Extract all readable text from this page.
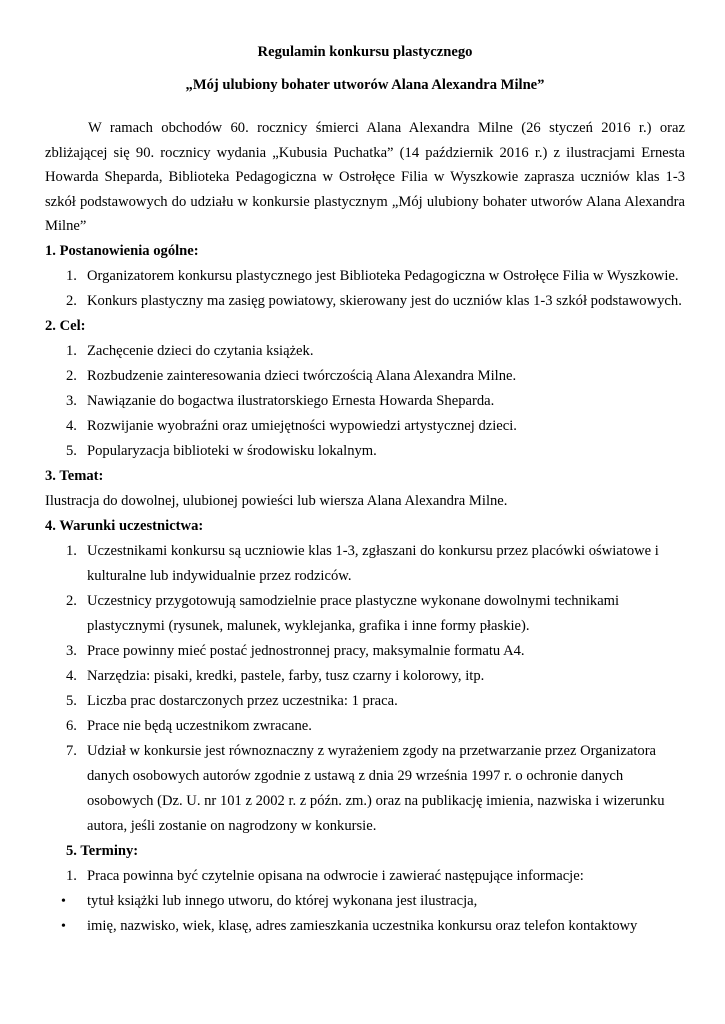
Regulamin konkursu plastycznego

„Mój ulubiony bohater utworów Alana Alexandra Milne”

W ramach obchodów 60. rocznicy śmierci Alana Alexandra Milne (26 styczeń 2016 r.) oraz zbliżającej się 90. rocznicy wydania „Kubusia Puchatka” (14 październik 2016 r.) z ilustracjami Ernesta Howarda Sheparda, Biblioteka Pedagogiczna w Ostrołęce Filia w Wyszkowie zaprasza uczniów klas 1-3 szkół podstawowych do udziału w konkursie plastycznym „Mój ulubiony bohater utworów Alana Alexandra Milne”

1. Postanowienia ogólne:

1. Organizatorem konkursu plastycznego jest Biblioteka Pedagogiczna w Ostrołęce Filia w Wyszkowie.
2. Konkurs plastyczny ma zasięg powiatowy, skierowany jest do uczniów klas 1-3 szkół podstawowych.

2. Cel:

1. Zachęcenie dzieci do czytania książek.
2. Rozbudzenie zainteresowania dzieci twórczością Alana Alexandra Milne.
3. Nawiązanie do bogactwa ilustratorskiego Ernesta Howarda Sheparda.
4. Rozwijanie wyobraźni oraz umiejętności wypowiedzi artystycznej dzieci.
5. Popularyzacja biblioteki w środowisku lokalnym.

3. Temat:

Ilustracja do dowolnej, ulubionej powieści lub wiersza Alana Alexandra Milne.

4. Warunki uczestnictwa:

1. Uczestnikami konkursu są uczniowie klas 1-3, zgłaszani do konkursu przez placówki oświatowe i kulturalne lub indywidualnie przez rodziców.
2. Uczestnicy przygotowują samodzielnie prace plastyczne wykonane dowolnymi technikami plastycznymi (rysunek, malunek, wyklejanka, grafika i inne formy płaskie).
3. Prace powinny mieć postać jednostronnej pracy, maksymalnie formatu A4.
4. Narzędzia: pisaki, kredki, pastele, farby, tusz czarny i kolorowy, itp.
5. Liczba prac dostarczonych przez uczestnika: 1 praca.
6. Prace nie będą uczestnikom zwracane.
7. Udział w konkursie jest równoznaczny z wyrażeniem zgody na przetwarzanie przez Organizatora danych osobowych autorów zgodnie z ustawą z dnia 29 września 1997 r. o ochronie danych osobowych (Dz. U. nr 101 z 2002 r. z późn. zm.) oraz na publikację imienia, nazwiska i wizerunku autora, jeśli zostanie on nagrodzony w konkursie.

5. Terminy:

1. Praca powinna być czytelnie opisana na odwrocie i zawierać następujące informacje:
• tytuł książki lub innego utworu, do której wykonana jest ilustracja,
• imię, nazwisko, wiek, klasę, adres zamieszkania uczestnika konkursu oraz telefon kontaktowy
